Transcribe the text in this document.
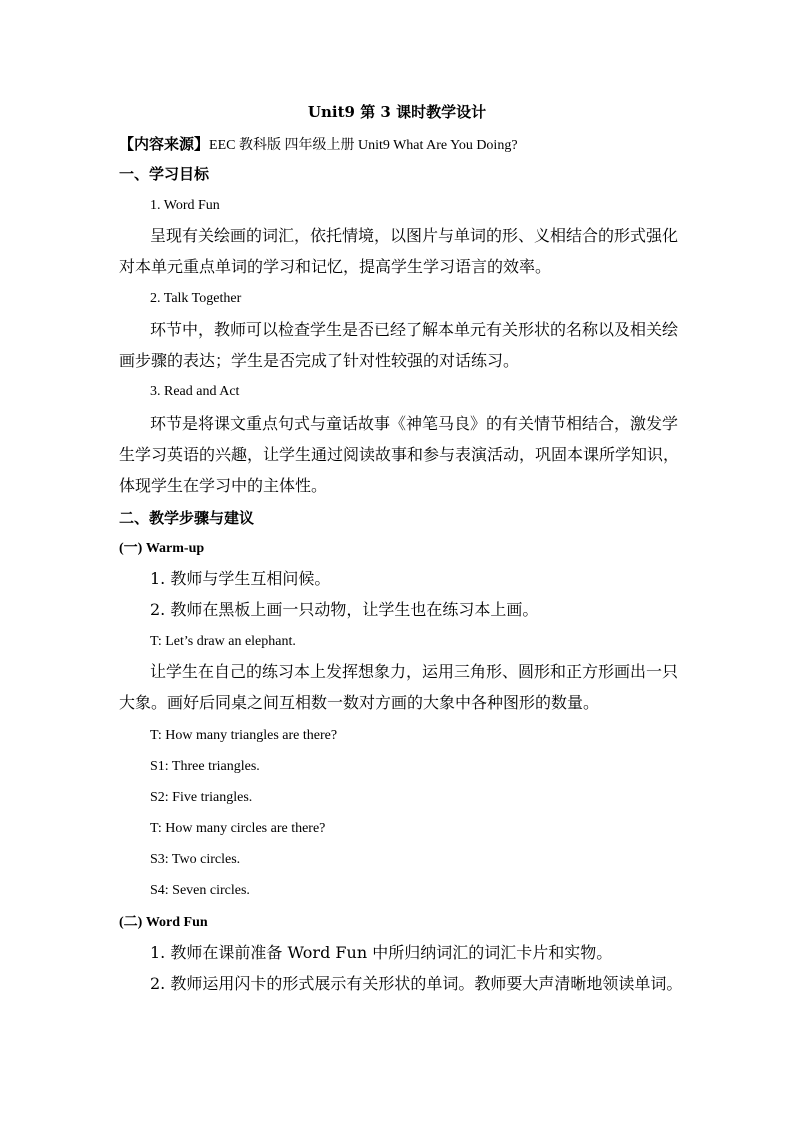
Unit9 第 3 课时教学设计
【内容来源】EEC 教科版 四年级上册 Unit9 What Are You Doing?
一、学习目标
1. Word Fun
呈现有关绘画的词汇，依托情境，以图片与单词的形、义相结合的形式强化
对本单元重点单词的学习和记忆，提高学生学习语言的效率。
2. Talk Together
环节中，教师可以检查学生是否已经了解本单元有关形状的名称以及相关绘
画步骤的表达；学生是否完成了针对性较强的对话练习。
3. Read and Act
环节是将课文重点句式与童话故事《神笔马良》的有关情节相结合，激发学
生学习英语的兴趣，让学生通过阅读故事和参与表演活动，巩固本课所学知识，
体现学生在学习中的主体性。
二、教学步骤与建议
(一) Warm-up
1. 教师与学生互相问候。
2. 教师在黑板上画一只动物，让学生也在练习本上画。
T: Let’s draw an elephant.
让学生在自己的练习本上发挥想象力，运用三角形、圆形和正方形画出一只
大象。画好后同桌之间互相数一数对方画的大象中各种图形的数量。
T: How many triangles are there?
S1: Three triangles.
S2: Five triangles.
T: How many circles are there?
S3: Two circles.
S4: Seven circles.
(二) Word Fun
1. 教师在课前准备 Word Fun 中所归纳词汇的词汇卡片和实物。
2. 教师运用闪卡的形式展示有关形状的单词。教师要大声清晰地领读单词。
